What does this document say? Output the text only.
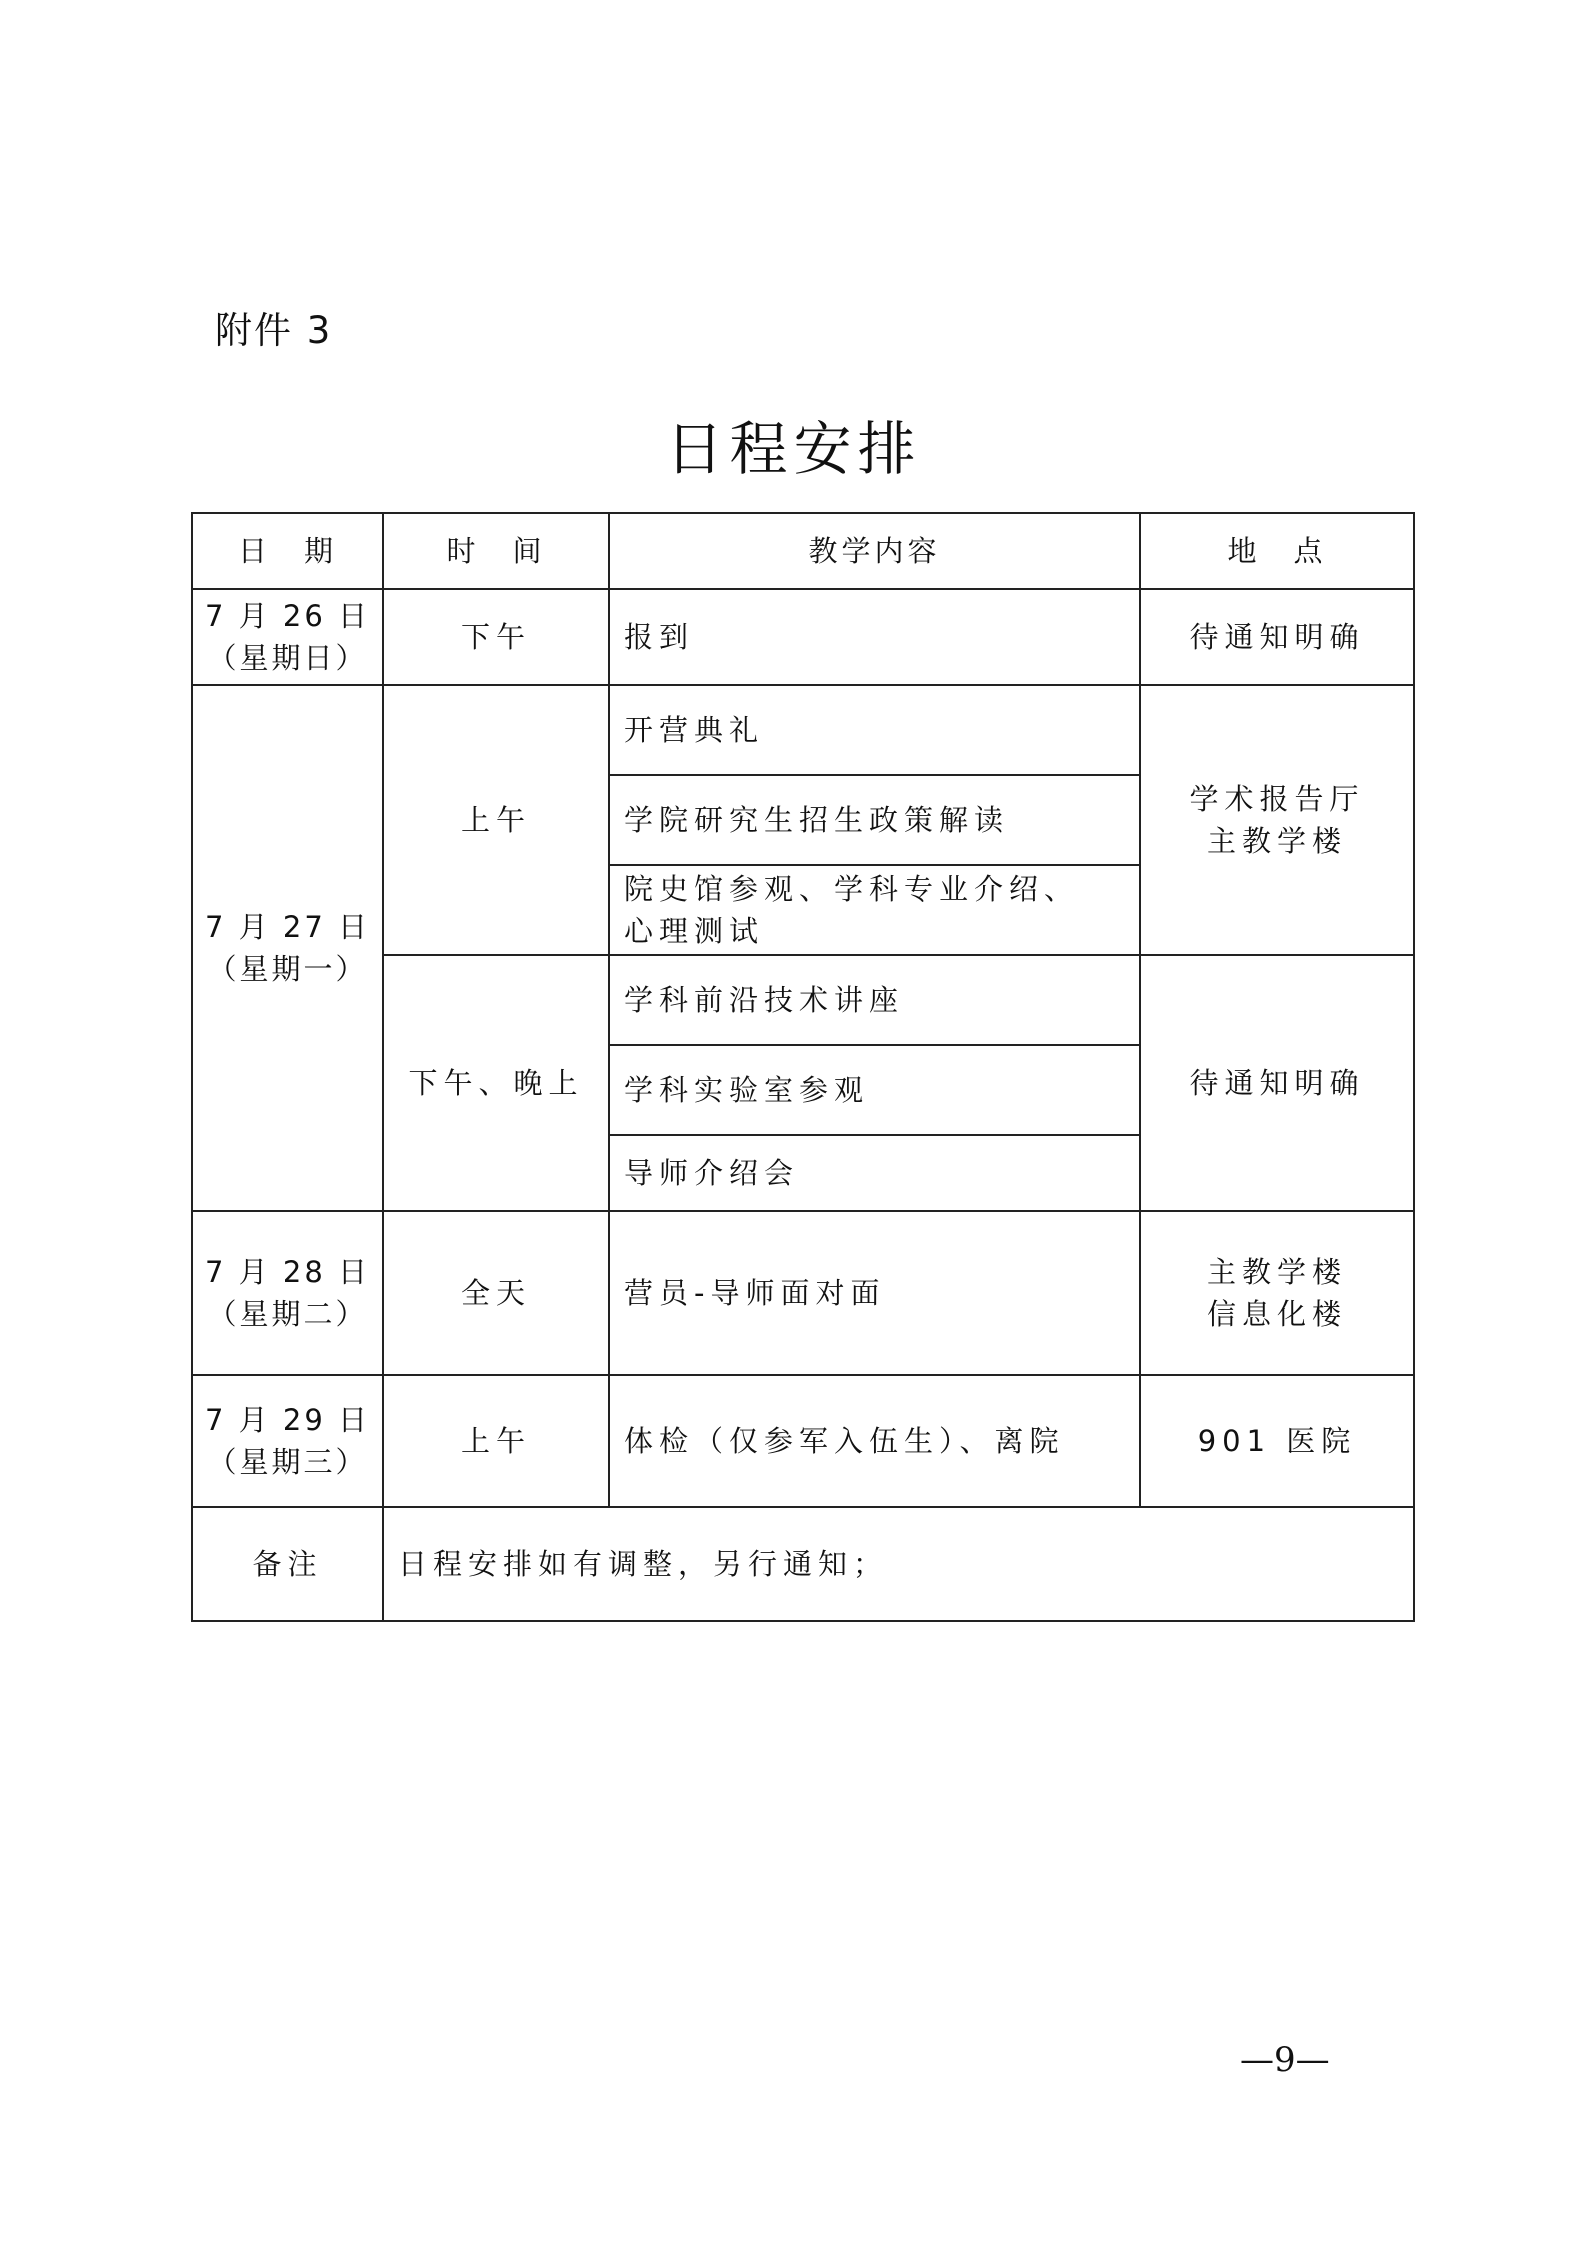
附件 3
日程安排
日　期	时　间	教学内容	地　点

7 月 26 日
（星期日）	下午	报到	待通知明确

7 月 27 日
（星期一）	上午	开营典礼	学术报告厅
主教学楼

		学院研究生招生政策解读	

		院史馆参观、学科专业介绍、
心理测试	

	下午、晚上	学科前沿技术讲座	待通知明确
		学科实验室参观	
		导师介绍会	

7 月 28 日
（星期二）	全天	营员-导师面对面	主教学楼
信息化楼

7 月 29 日
（星期三）	上午	体检（仅参军入伍生）、离院	901 医院
备注	日程安排如有调整，另行通知；		
—9—
